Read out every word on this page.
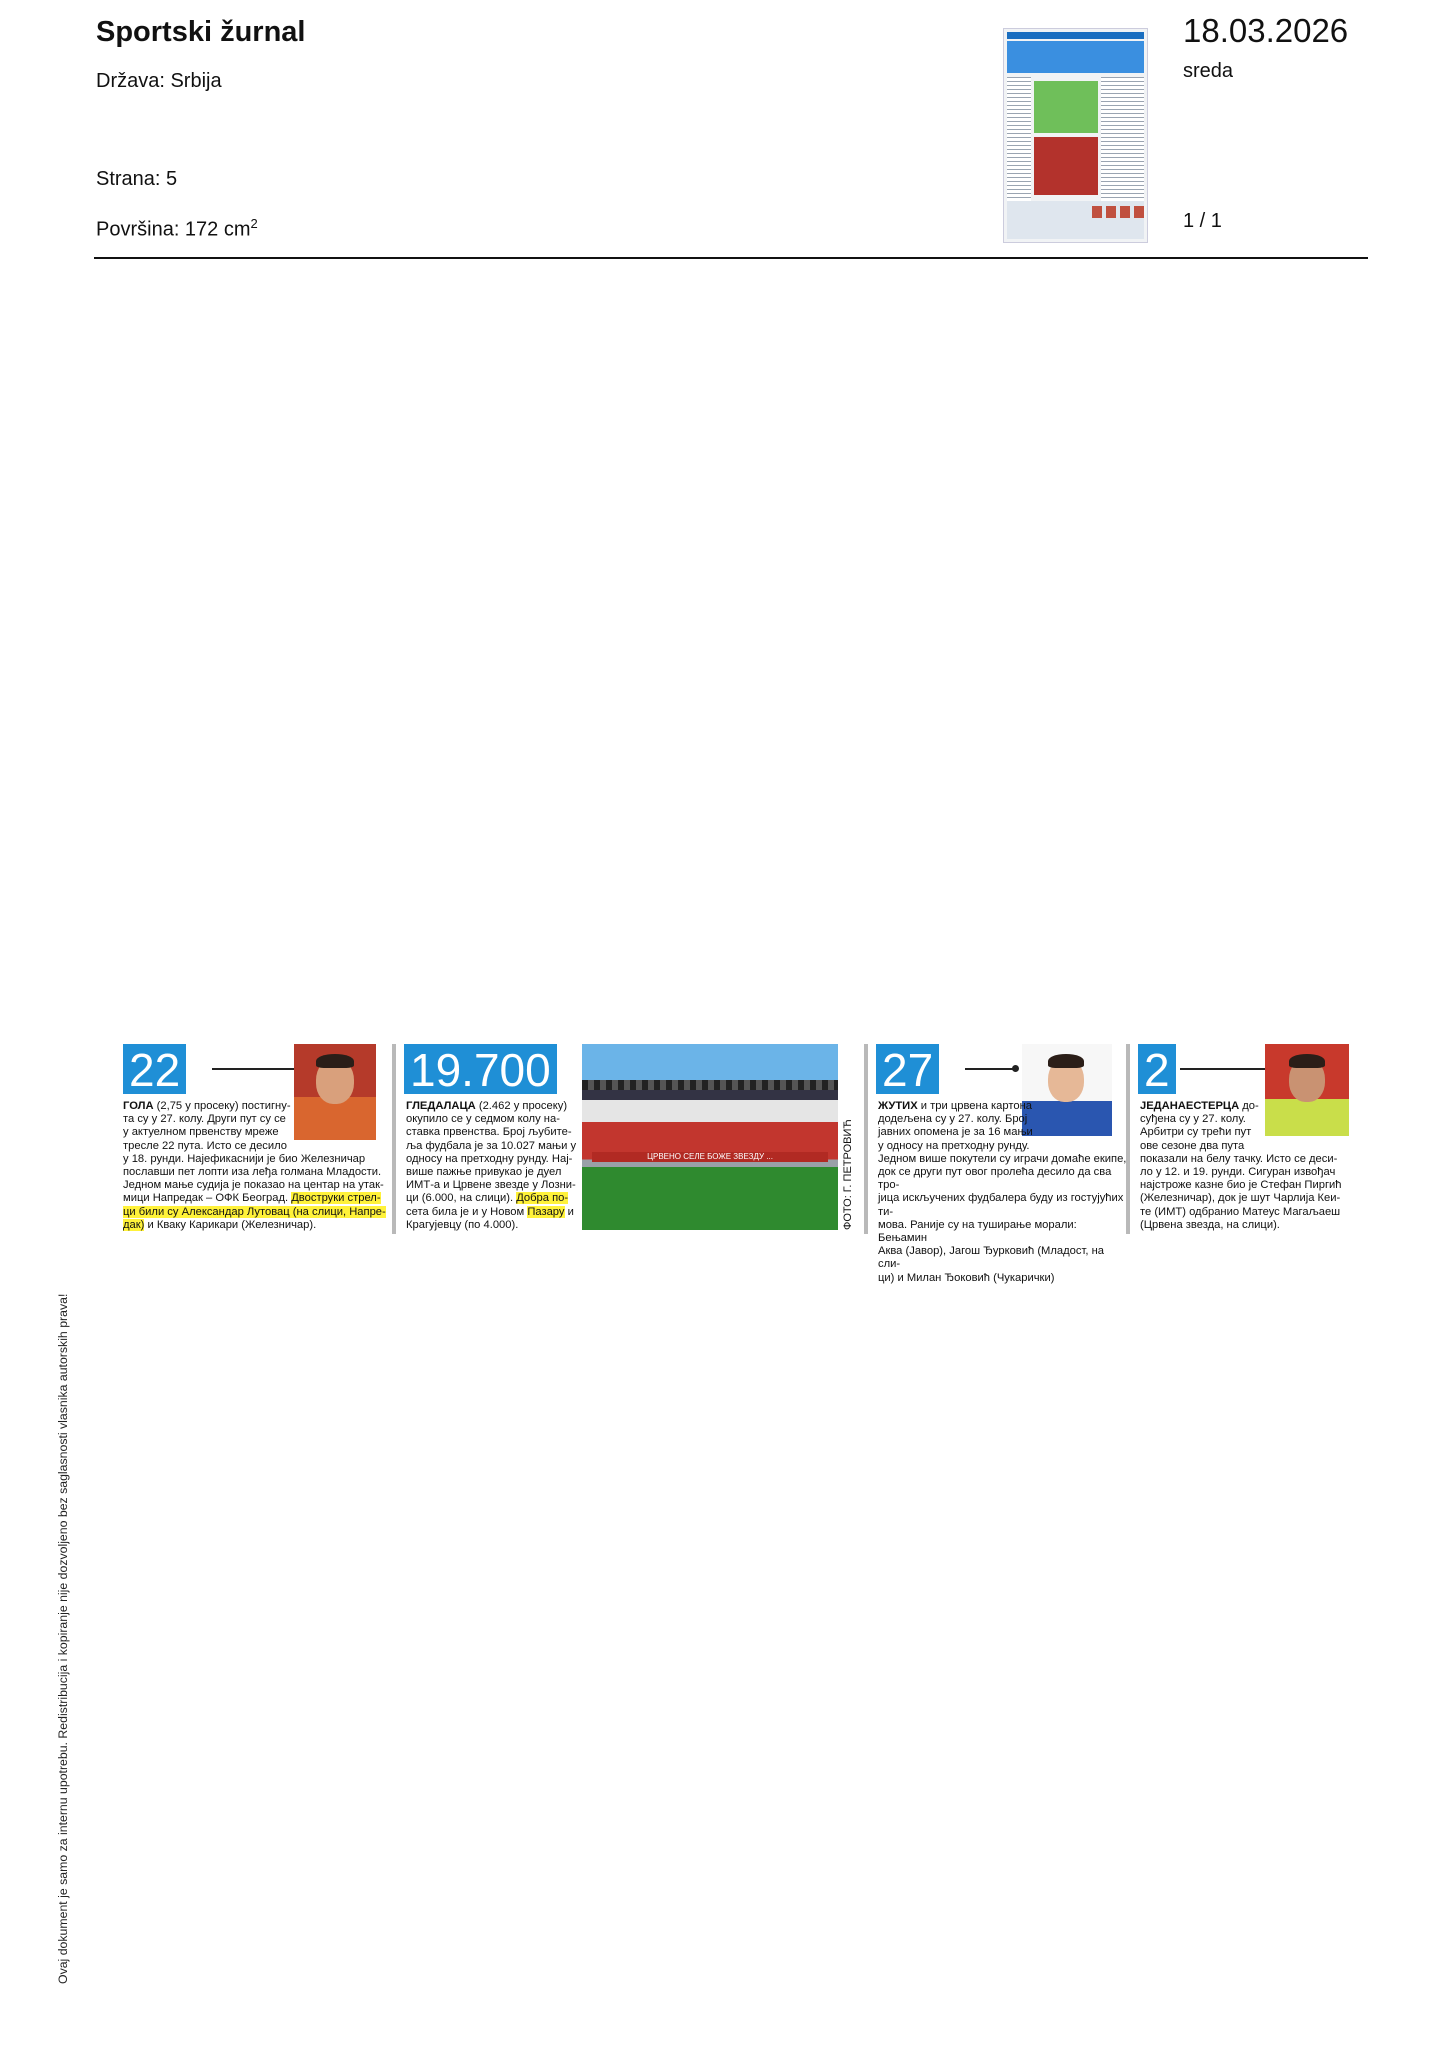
Sportski žurnal
Država: Srbija
Strana: 5
Površina: 172 $cm^2$
18.03.2026
sreda
1 / 1
22
ГОЛА (2,75 у просеку) постигну-
та су у 27. колу. Други пут су се
у актуелном првенству мреже
тресле 22 пута. Исто се десило
у 18. рунди. Најефикаснији је био Железничар
пославши пет лопти иза леђа голмана Младости.
Једном мање судија је показао на центар на утак-
мици Напредак – ОФК Београд. Двоструки стрел-
ци били су Александар Лутовац (на слици, Напре-
дак) и Кваку Карикари (Железничар).
19.700
ГЛЕДАЛАЦА (2.462 у просеку)
окупило се у седмом колу на-
ставка првенства. Број љубите-
ља фудбала је за 10.027 мањи у
односу на претходну рунду. Нај-
више пажње привукао је дуел
ИМТ-а и Црвене звезде у Лозни-
ци (6.000, на слици). Добра по-
сета била је и у Новом Пазару и
Крагујевцу (по 4.000).
ЦРВЕНО СЕЛЕ БОЖЕ ЗВЕЗДУ ...	ФОТО: Г. ПЕТРОВИЋ
27
ЖУТИХ и три црвена картона
додељена су у 27. колу. Број
јавних опомена је за 16 мањи
у односу на претходну рунду.
Једном више покутели су играчи домаће екипе,
док се други пут овог пролећа десило да сва тро-
јица искључених фудбалера буду из гостујућих ти-
мова. Раније су на туширање морали: Бењамин
Аква (Јавор), Јагош Ђурковић (Младост, на сли-
ци) и Милан Ђоковић (Чукарички)
2
ЈЕДАНАЕСТЕРЦА до-
суђена су у 27. колу.
Арбитри су трећи пут
ове сезоне два пута
показали на белу тачку. Исто се деси-
ло у 12. и 19. рунди. Сигуран извођач
најстроже казне био је Стефан Пиргић
(Железничар), док је шут Чарлија Кеи-
те (ИМТ) одбранио Матеус Магаљаеш
(Црвена звезда, на слици).
Ovaj dokument je samo za internu upotrebu. Redistribucija i kopiranje nije dozvoljeno bez saglasnosti vlasnika autorskih prava!
